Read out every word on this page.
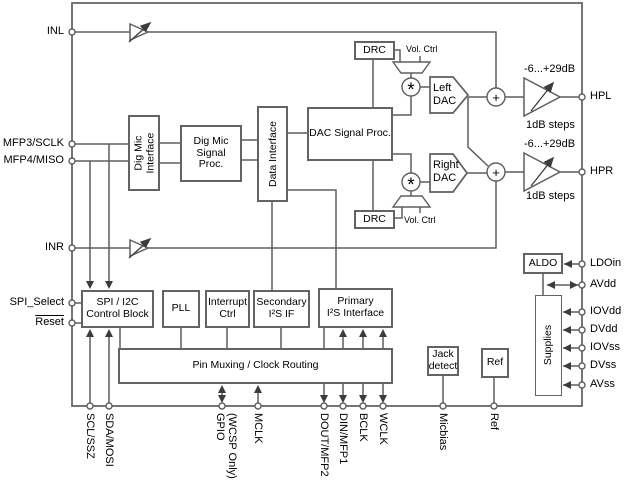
Dig Mic
Interface	Dig Mic
Signal
Proc.	Data Interface	DAC Signal Proc.
DRC
DRC
SPI / I2C
Control Block	PLL	Interrupt
Ctrl
Secondary
I²S IF
Primary
I²S Interface
Pin Muxing / Clock Routing
Jack
detect	Ref
ALDO
Supplies
Left
DAC
Right
DAC
*
*
+
+
Vol. Ctrl
Vol. Ctrl
-6...+29dB
1dB steps
-6...+29dB
1dB steps
INL
MFP3/SCLK
MFP4/MISO
INR
SPI_Select
Reset
HPL
HPR
LDOin
AVdd
IOVdd
DVdd
IOVss
DVss
AVss
SCL/SSZ SDA/MOSI	GPIO
(WCSP Only)
MCLK	DOUT/MFP2 DIN/MFP1 BCLK WCLK	Micbias	Ref
